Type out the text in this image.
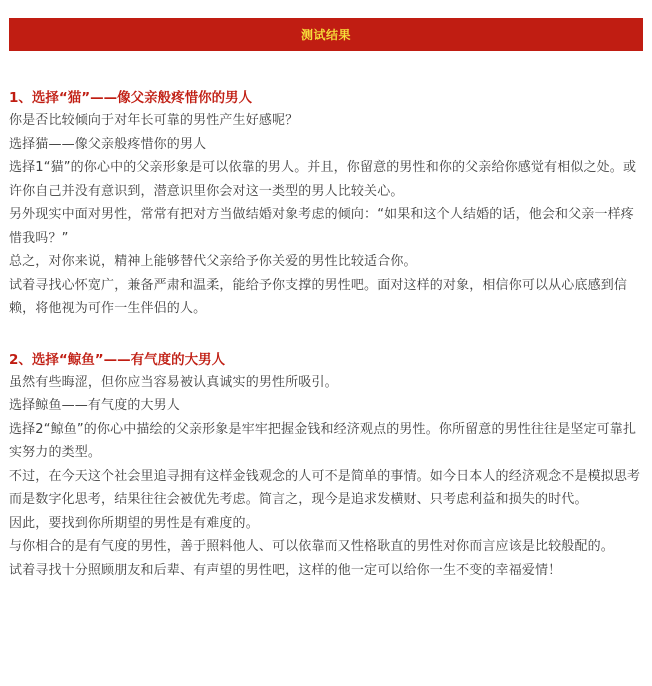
测试结果

1、选择“猫”——像父亲般疼惜你的男人

你是否比较倾向于对年长可靠的男性产生好感呢？

选择猫——像父亲般疼惜你的男人

选择1“猫”的你心中的父亲形象是可以依靠的男人。并且，你留意的男性和你的父亲给你感觉有相似之处。或许你自己并没有意识到，潜意识里你会对这一类型的男人比较关心。

另外现实中面对男性，常常有把对方当做结婚对象考虑的倾向：“如果和这个人结婚的话，他会和父亲一样疼惜我吗？”

总之，对你来说，精神上能够替代父亲给予你关爱的男性比较适合你。

试着寻找心怀宽广，兼备严肃和温柔，能给予你支撑的男性吧。面对这样的对象，相信你可以从心底感到信赖，将他视为可作一生伴侣的人。

2、选择“鲸鱼”——有气度的大男人

虽然有些晦涩，但你应当容易被认真诚实的男性所吸引。

选择鲸鱼——有气度的大男人

选择2“鲸鱼”的你心中描绘的父亲形象是牢牢把握金钱和经济观点的男性。你所留意的男性往往是坚定可靠扎实努力的类型。

不过，在今天这个社会里追寻拥有这样金钱观念的人可不是简单的事情。如今日本人的经济观念不是模拟思考而是数字化思考，结果往往会被优先考虑。简言之，现今是追求发横财、只考虑利益和损失的时代。

因此，要找到你所期望的男性是有难度的。

与你相合的是有气度的男性，善于照料他人、可以依靠而又性格耿直的男性对你而言应该是比较般配的。

试着寻找十分照顾朋友和后辈、有声望的男性吧，这样的他一定可以给你一生不变的幸福爱情！
